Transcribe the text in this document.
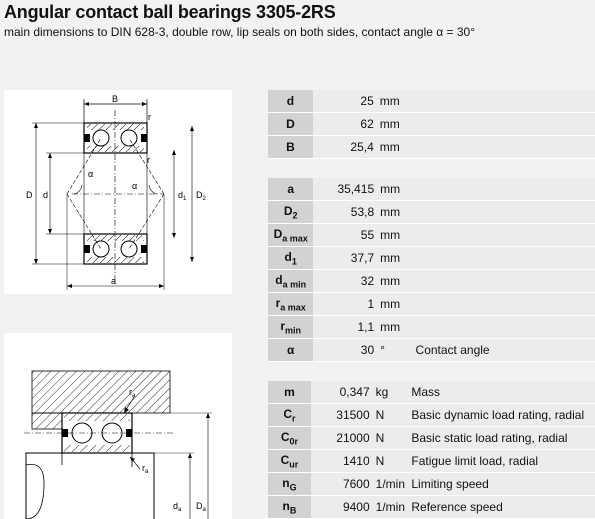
Angular contact ball bearings 3305-2RS
main dimensions to DIN 628-3, double row, lip seals on both sides, contact angle α = 30°
B
r
r
α
α
D d	$d_1$ $D_2$
a
$r_a$
$r_a$
$d_a$ $D_a$
d	25	mm	
D	62	mm	
B	25,4	mm	
a	35,415	mm	
$D_2$	53,8	mm	
$D_{a max}$	55	mm	
$d_1$	37,7	mm	
$d_{a min}$	32	mm	
$r_{a max}$	1	mm	
$r_{min}$	1,1	mm	
α	30	°	Contact angle
m	0,347	kg	Mass
$C_r$	31500	N	Basic dynamic load rating, radial
$C_{0r}$	21000	N	Basic static load rating, radial
$C_{ur}$	1410	N	Fatigue limit load, radial
$n_G$	7600	1/min	Limiting speed
$n_B$	9400	1/min	Reference speed
